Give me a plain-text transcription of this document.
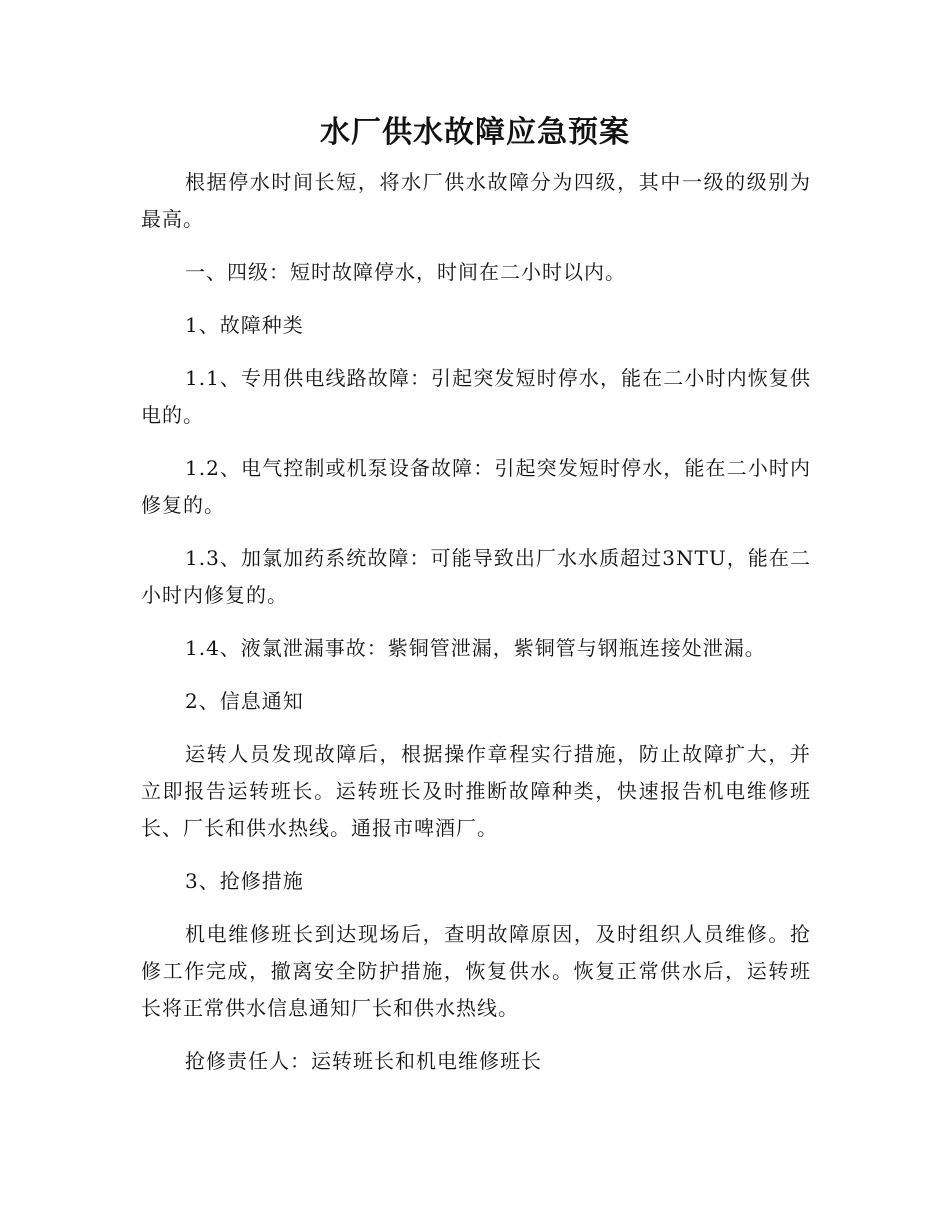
水厂供水故障应急预案

根据停水时间长短，将水厂供水故障分为四级，其中一级的级别为最高。

一、四级：短时故障停水，时间在二小时以内。

1、故障种类

1.1、专用供电线路故障：引起突发短时停水，能在二小时内恢复供电的。

1.2、电气控制或机泵设备故障：引起突发短时停水，能在二小时内修复的。

1.3、加氯加药系统故障：可能导致出厂水水质超过3NTU，能在二小时内修复的。

1.4、液氯泄漏事故：紫铜管泄漏，紫铜管与钢瓶连接处泄漏。

2、信息通知

运转人员发现故障后，根据操作章程实行措施，防止故障扩大，并立即报告运转班长。运转班长及时推断故障种类，快速报告机电维修班长、厂长和供水热线。通报市啤酒厂。

3、抢修措施

机电维修班长到达现场后，查明故障原因，及时组织人员维修。抢修工作完成，撤离安全防护措施，恢复供水。恢复正常供水后，运转班长将正常供水信息通知厂长和供水热线。

抢修责任人：运转班长和机电维修班长
